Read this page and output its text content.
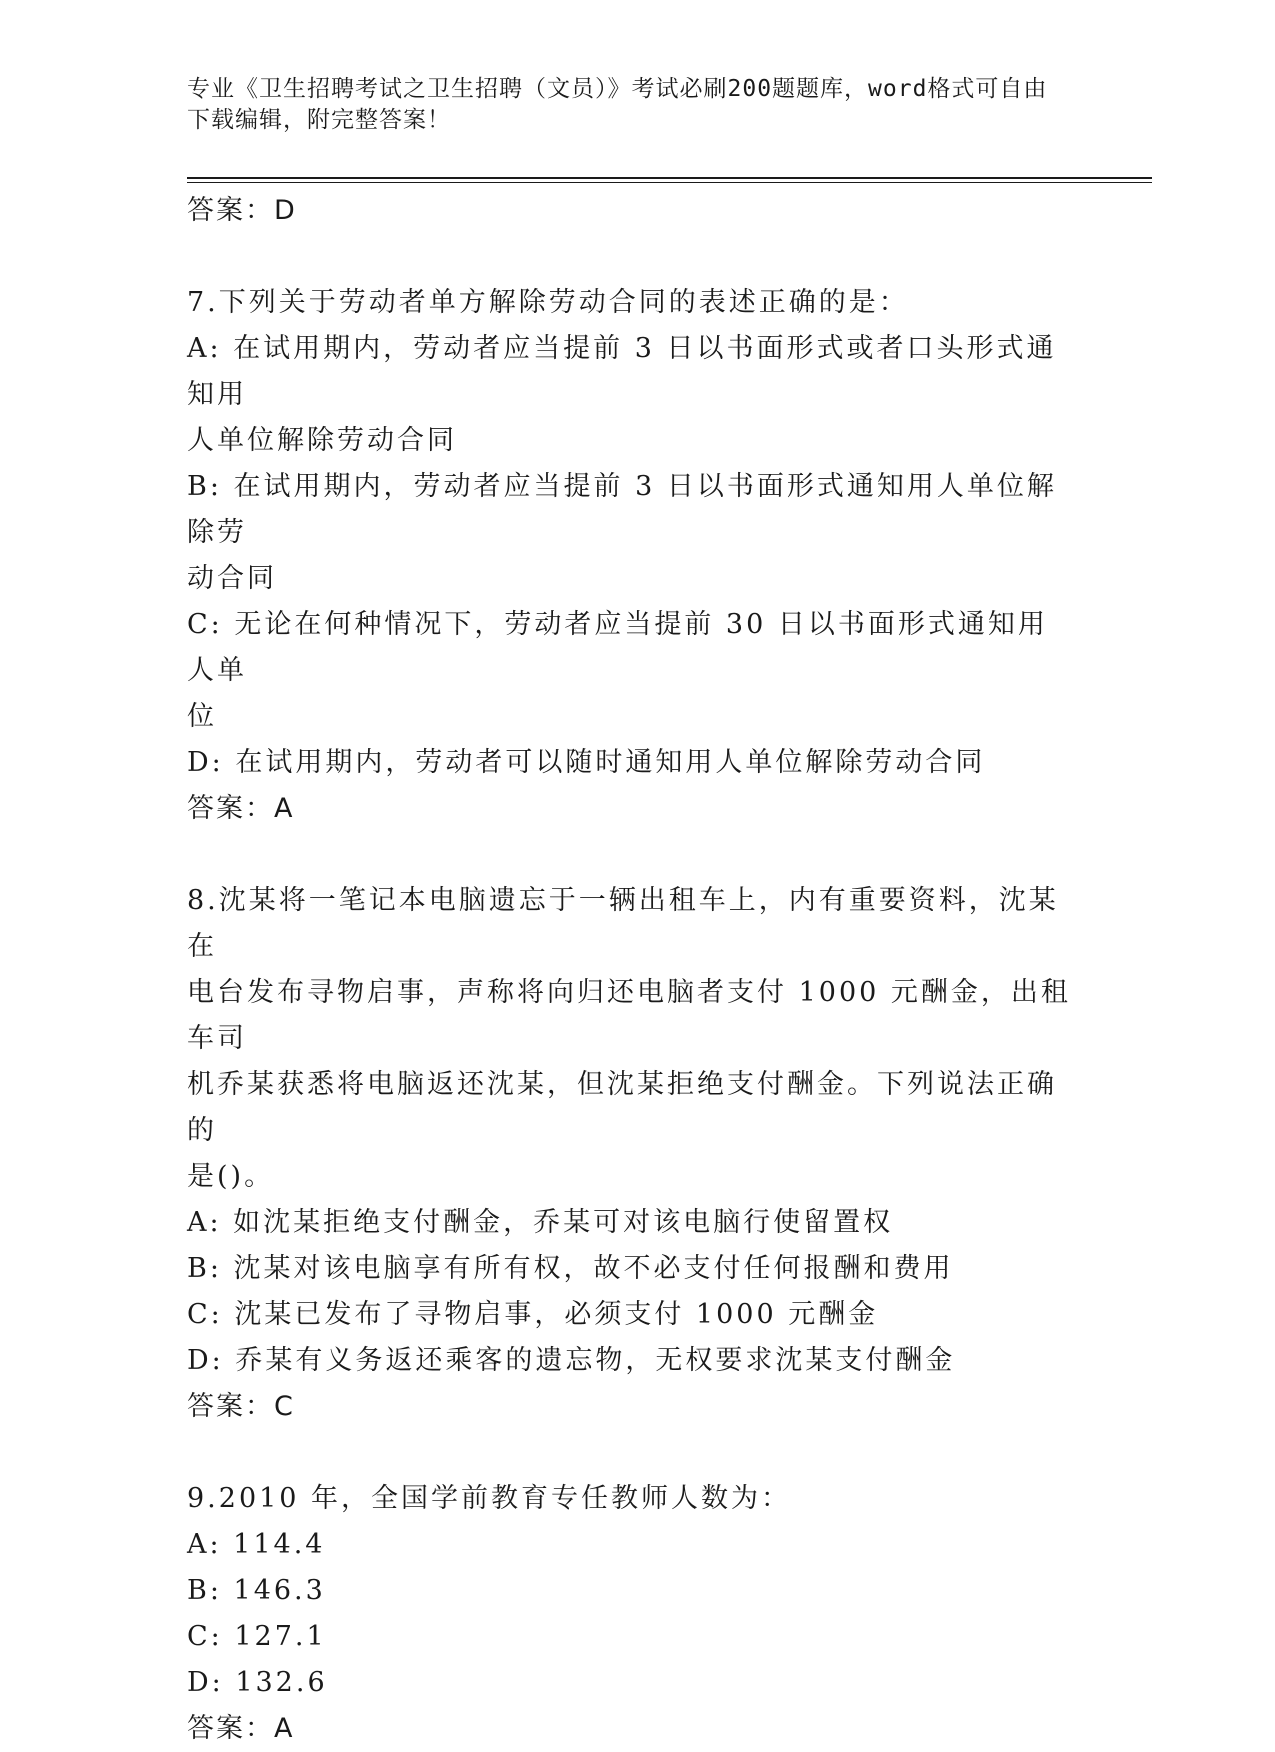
专业《卫生招聘考试之卫生招聘（文员）》考试必刷200题题库，word格式可自由下载编辑，附完整答案！
答案：D
7.下列关于劳动者单方解除劳动合同的表述正确的是：
A: 在试用期内，劳动者应当提前 3 日以书面形式或者口头形式通知用
人单位解除劳动合同
B: 在试用期内，劳动者应当提前 3 日以书面形式通知用人单位解除劳
动合同
C: 无论在何种情况下，劳动者应当提前 30 日以书面形式通知用人单
位
D: 在试用期内，劳动者可以随时通知用人单位解除劳动合同
答案：A
8.沈某将一笔记本电脑遗忘于一辆出租车上，内有重要资料，沈某在
电台发布寻物启事，声称将向归还电脑者支付 1000 元酬金，出租车司
机乔某获悉将电脑返还沈某，但沈某拒绝支付酬金。下列说法正确的
是()。
A: 如沈某拒绝支付酬金，乔某可对该电脑行使留置权
B: 沈某对该电脑享有所有权，故不必支付任何报酬和费用
C: 沈某已发布了寻物启事，必须支付 1000 元酬金
D: 乔某有义务返还乘客的遗忘物，无权要求沈某支付酬金
答案：C
9.2010 年，全国学前教育专任教师人数为：
A: 114.4
B: 146.3
C: 127.1
D: 132.6
答案：A
